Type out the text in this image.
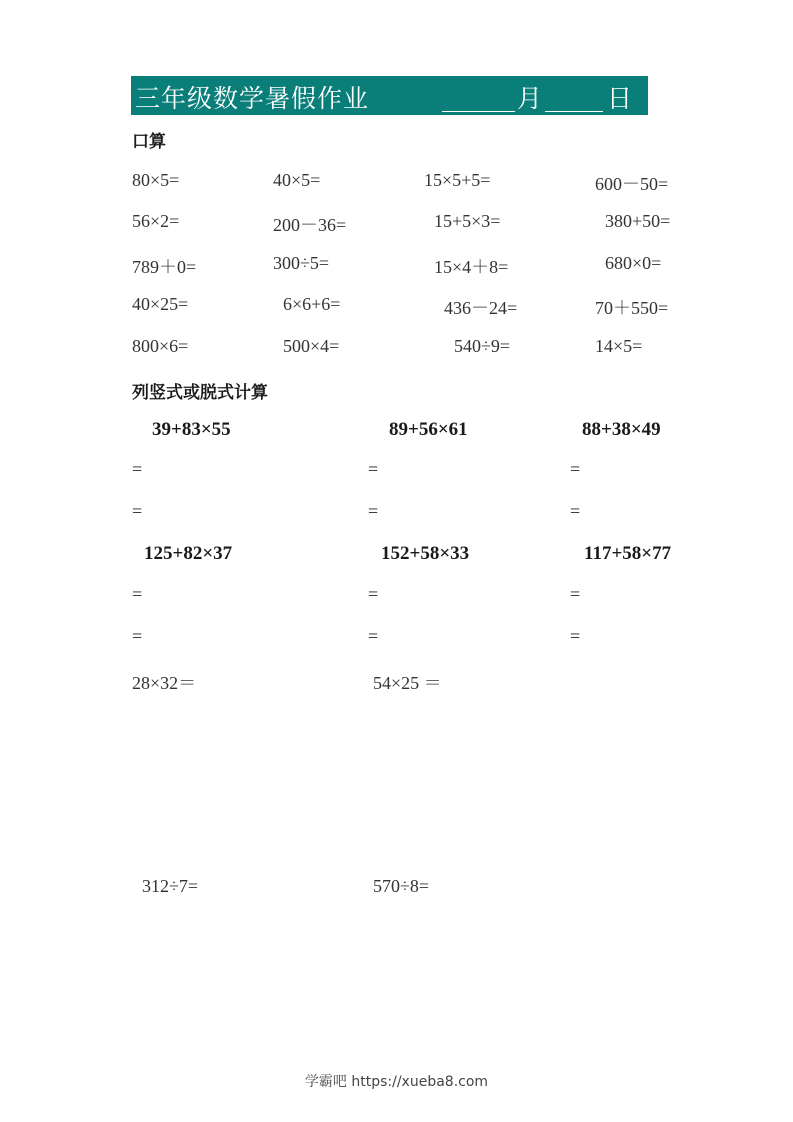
三年级数学暑假作业	月	日
口算
80×5=	40×5=	15×5+5=	600－50=
56×2=	200－36=	15+5×3=	380+50=
789＋0=	300÷5=	15×4＋8=	680×0=
40×25=	6×6+6=	436－24=	70＋550=
800×6=	500×4=	540÷9=	14×5=
列竖式或脱式计算
39+83×55	89+56×61	88+38×49
=	=	=
=	=	=
125+82×37	152+58×33	117+58×77
=	=	=
=	=	=
28×32＝	54×25 ＝
312÷7=	570÷8=
学霸吧 https://xueba8.com
